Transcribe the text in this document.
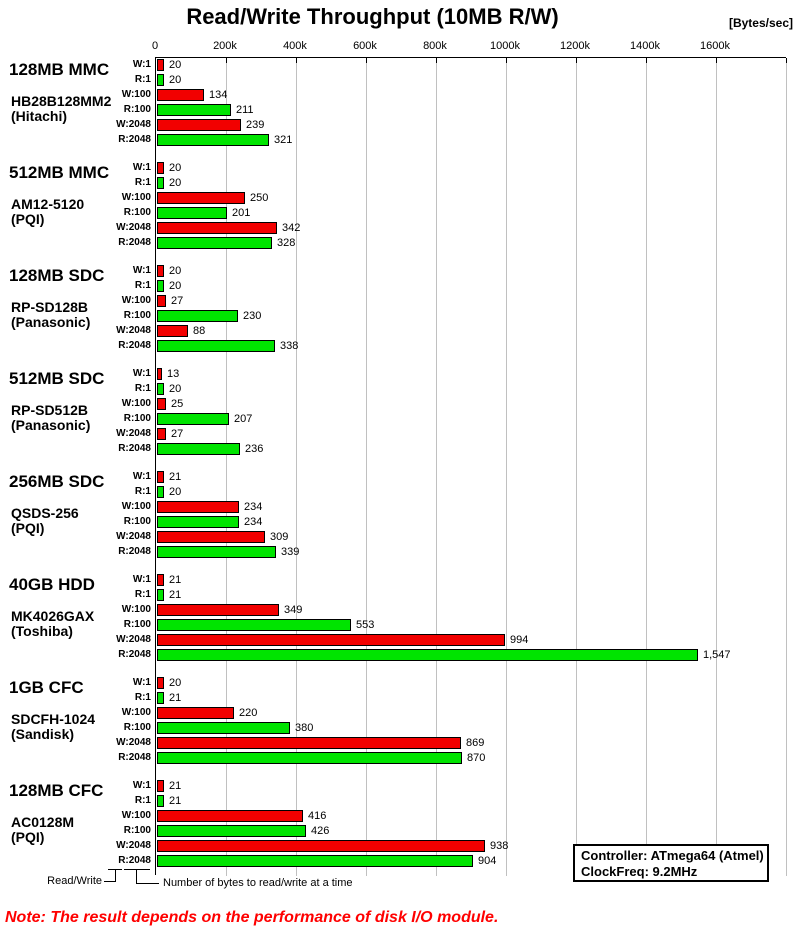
Read/Write Throughput (10MB R/W)	[Bytes/sec]
0	200k	400k	600k	800k	1000k	1200k	1400k	1600k
W:1 20
R:1 20
W:100	134
R:100	211
W:2048	239
R:2048	321
W:1 20
R:1 20
W:100	250
R:100	201
W:2048	342
R:2048	328
W:1 20
R:1 20
W:100 27
R:100	230
W:2048	88
R:2048	338
W:1 13
R:1 20
W:100 25
R:100	207
W:2048 27
R:2048	236
W:1 21
R:1 20
W:100	234
R:100	234
W:2048	309
R:2048	339
W:1 21
R:1 21
W:100	349
R:100	553
W:2048	994
R:2048	1,547
W:1 20
R:1 21
W:100	220
R:100	380
W:2048	869
R:2048	870
W:1 21
R:1 21
W:100	416
R:100	426
W:2048	938
R:2048	904
128MB MMC
HB28B128MM2
(Hitachi)
512MB MMC
AM12-5120
(PQI)
128MB SDC
RP-SD128B
(Panasonic)
512MB SDC
RP-SD512B
(Panasonic)
256MB SDC
QSDS-256
(PQI)
40GB HDD
MK4026GAX
(Toshiba)
1GB CFC
SDCFH-1024
(Sandisk)
128MB CFC
AC0128M
(PQI)
Controller: ATmega64 (Atmel)
ClockFreq: 9.2MHz
Read/Write	Number of bytes to read/write at a time
Note: The result depends on the performance of disk I/O module.
